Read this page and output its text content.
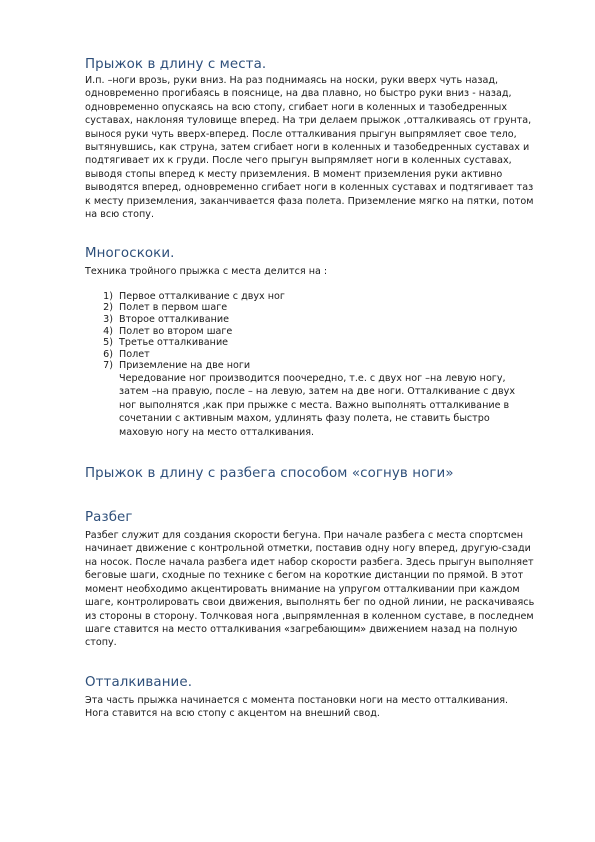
Прыжок в длину с места.

И.п. –ноги врозь, руки вниз. На раз поднимаясь на носки, руки вверх чуть назад, одновременно прогибаясь в пояснице, на два плавно, но быстро руки вниз - назад, одновременно опускаясь на всю стопу, сгибает ноги в коленных и тазобедренных суставах, наклоняя туловище вперед. На три делаем прыжок ,отталкиваясь от грунта, вынося руки чуть вверх-вперед. После отталкивания прыгун выпрямляет свое тело, вытянувшись, как струна, затем сгибает ноги в коленных и тазобедренных суставах и подтягивает их к груди. После чего прыгун выпрямляет ноги в коленных суставах, выводя стопы вперед к месту приземления. В момент приземления руки активно выводятся вперед, одновременно сгибает ноги в коленных суставах и подтягивает таз к месту приземления, заканчивается фаза полета. Приземление мягко на пятки, потом на всю стопу.

Многоскоки.

Техника тройного прыжка с места делится на :

1) Первое отталкивание с двух ног
2) Полет в первом шаге
3) Второе отталкивание
4) Полет во втором шаге
5) Третье отталкивание
6) Полет
7) Приземление на две ноги

Чередование ног производится поочередно, т.е. с двух ног –на левую ногу, затем –на правую, после – на левую, затем на две ноги. Отталкивание с двух ног выполнятся ,как при прыжке с места. Важно выполнять отталкивание в сочетании с активным махом, удлинять фазу полета, не ставить быстро маховую ногу на место отталкивания.

Прыжок в длину с разбега способом «согнув ноги»
Разбег

Разбег служит для создания скорости бегуна. При начале разбега с места спортсмен начинает движение с контрольной отметки, поставив одну ногу вперед, другую-сзади на носок. После начала разбега идет набор скорости разбега. Здесь прыгун выполняет беговые шаги, сходные по технике с бегом на короткие дистанции по прямой. В этот момент необходимо акцентировать внимание на упругом отталкивании при каждом шаге, контролировать свои движения, выполнять бег по одной линии, не раскачиваясь из стороны в сторону. Толчковая нога ,выпрямленная в коленном суставе, в последнем шаге ставится на место отталкивания «загребающим» движением назад на полную стопу.

Отталкивание.

Эта часть прыжка начинается с момента постановки ноги на место отталкивания. Нога ставится на всю стопу с акцентом на внешний свод.
